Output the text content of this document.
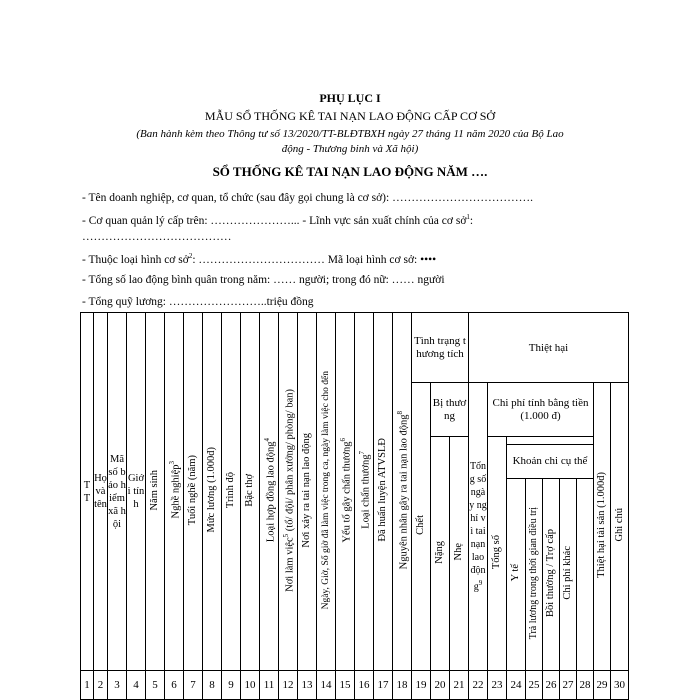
PHỤ LỤC I
MẪU SỔ THỐNG KÊ TAI NẠN LAO ĐỘNG CẤP CƠ SỞ
(Ban hành kèm theo Thông tư số 13/2020/TT-BLĐTBXH ngày 27 tháng 11 năm 2020 của Bộ Lao
động - Thương binh và Xã hội)
SỔ THỐNG KÊ TAI NẠN LAO ĐỘNG NĂM ….
- Tên doanh nghiệp, cơ quan, tổ chức (sau đây gọi chung là cơ sở): ……………………………….
- Cơ quan quản lý cấp trên: …………………... - Lĩnh vực sản xuất chính của cơ sở$^1$:
…………………………………
- Thuộc loại hình cơ sở$^2$: …………………………… Mã loại hình cơ sở: ••••
- Tổng số lao động bình quân trong năm: …… người; trong đó nữ: …… người
- Tổng quỹ lương: ……………………..triệu đồng
TT	Họ và tên	Mã số bảo hiểm xã hội	Giới tính	Năm sinh	Nghề nghiệp$^3$	Tuổi nghề (năm)	Mức lương (1.000đ)	Trình độ	Bậc thợ	Loại hợp đồng lao động$^4$	Nơi làm việc$^5$ (tổ/ đội/ phân xưởng/ phòng/ ban)	Nơi xảy ra tai nạn lao động	Ngày, Giờ, Số giờ đã làm việc trong ca, ngày làm việc cho đến	Yếu tố gây chấn thương$^6$	Loại chấn thương$^7$	Đã huấn luyện ATVSLĐ	Nguyên nhân gây ra tai nạn lao động$^8$	Tình trạng thương tích			Thiệt hại								
																		Chết	Bị thương		Tổng số ngày nghỉ vì tai nạn lao động$^9$	Chi phí tính bằng tiền (1.000 đ)						Thiệt hại tài sản (1.000đ)	Ghi chú
																			Nặng	Nhẹ		Tổng số							
																							Khoản chi cụ thể						
																							Y tế	Trả lương trong thời gian điều trị	Bồi thường / Trợ cấp	Chi phí khác			
1	2	3	4	5	6	7	8	9	10	11	12	13	14	15	16	17	18	19	20	21	22	23	24	25	26	27	28	29	30
